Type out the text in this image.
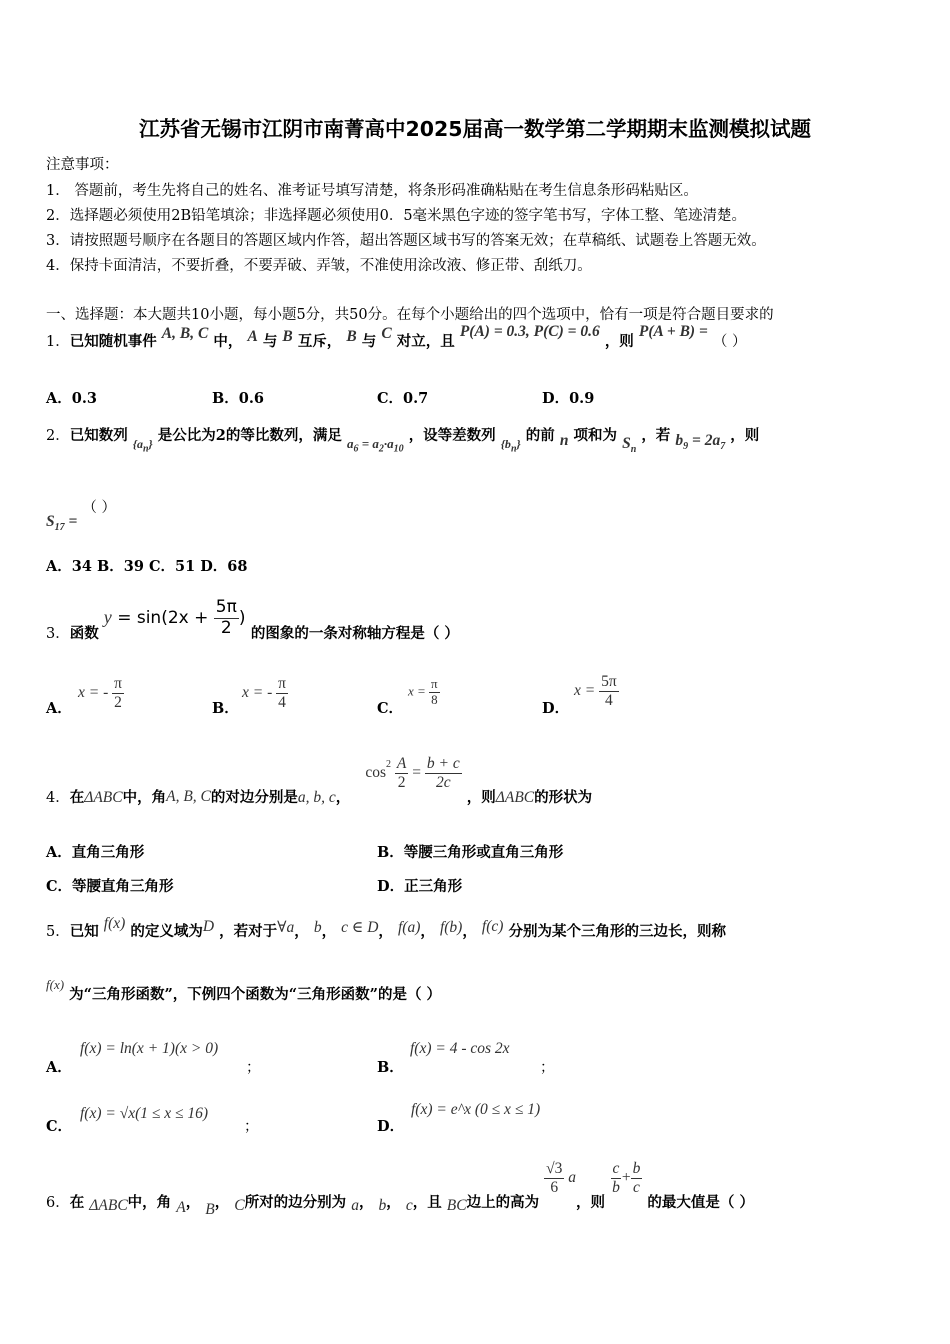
江苏省无锡市江阴市南菁高中2025届高一数学第二学期期末监测模拟试题
注意事项：
1． 答题前，考生先将自己的姓名、准考证号填写清楚，将条形码准确粘贴在考生信息条形码粘贴区。
2．选择题必须使用2B铅笔填涂；非选择题必须使用0．5毫米黑色字迹的签字笔书写，字体工整、笔迹清楚。
3．请按照题号顺序在各题目的答题区域内作答，超出答题区域书写的答案无效；在草稿纸、试题卷上答题无效。
4．保持卡面清洁，不要折叠，不要弄破、弄皱，不准使用涂改液、修正带、刮纸刀。
一、选择题：本大题共10小题，每小题5分，共50分。在每个小题给出的四个选项中，恰有一项是符合题目要求的
1．已知随机事件 A, B, C 中， A 与 B 互斥， B 与 C 对立，且 P(A) = 0.3, P(C) = 0.6 ，则 P(A + B) = （ ）
A．0.3	B．0.6	C．0.7	D．0.9
2．已知数列 $_{\{a_n\}}$ 是公比为2的等比数列，满足 $a_6 = a_2\cdot a_{10}$ ，设等差数列 $_{\{b_n\}}$ 的前 n 项和为 $S_n$ ，若 $b_9 = 2a_7$ ，则
$S_{17}$ = （ ）
A．34 B．39 C．51 D．68
3．函数 $y = \sin(2x + \frac{5\pi}{2}$ ) 的图象的一条对称轴方程是（ ）
A．
x = - $\frac{\pi}{2}$	B．
x = - $\frac{\pi}{4}$	C．
$x = \frac{\pi}{8}$
D．
$x = \frac{5\pi}{4}$
4．在ΔABC中，角A, B, C的对边分别是a, b, c， $\cos^2 \frac{A}{2} = \frac{b + c}{2c}$
，则ΔABC的形状为
A．直角三角形	B．等腰三角形或直角三角形
C．等腰直角三角形	D．正三角形
5．已知 f(x) 的定义域为D ，若对于∀a， b， c ∈ D， f(a)， f(b)， f(c) 分别为某个三角形的三边长，则称
f(x) 为“三角形函数”，下例四个函数为“三角形函数”的是（ ）
A．
f(x) = ln(x + 1)(x > 0)
；	B．
f(x) = 4 - cos 2x
；
C．
f(x) = √x(1 ≤ x ≤ 16)
；	D．
f(x) = e^x (0 ≤ x ≤ 1)
6．在 ΔABC中，角 A， B， C所对的边分别为 a， b， c，且 BC边上的高为
$\frac{√3}{6}$ a，则
$\frac{c}{b} + \frac{b}{c}$
的最大值是（ ）
